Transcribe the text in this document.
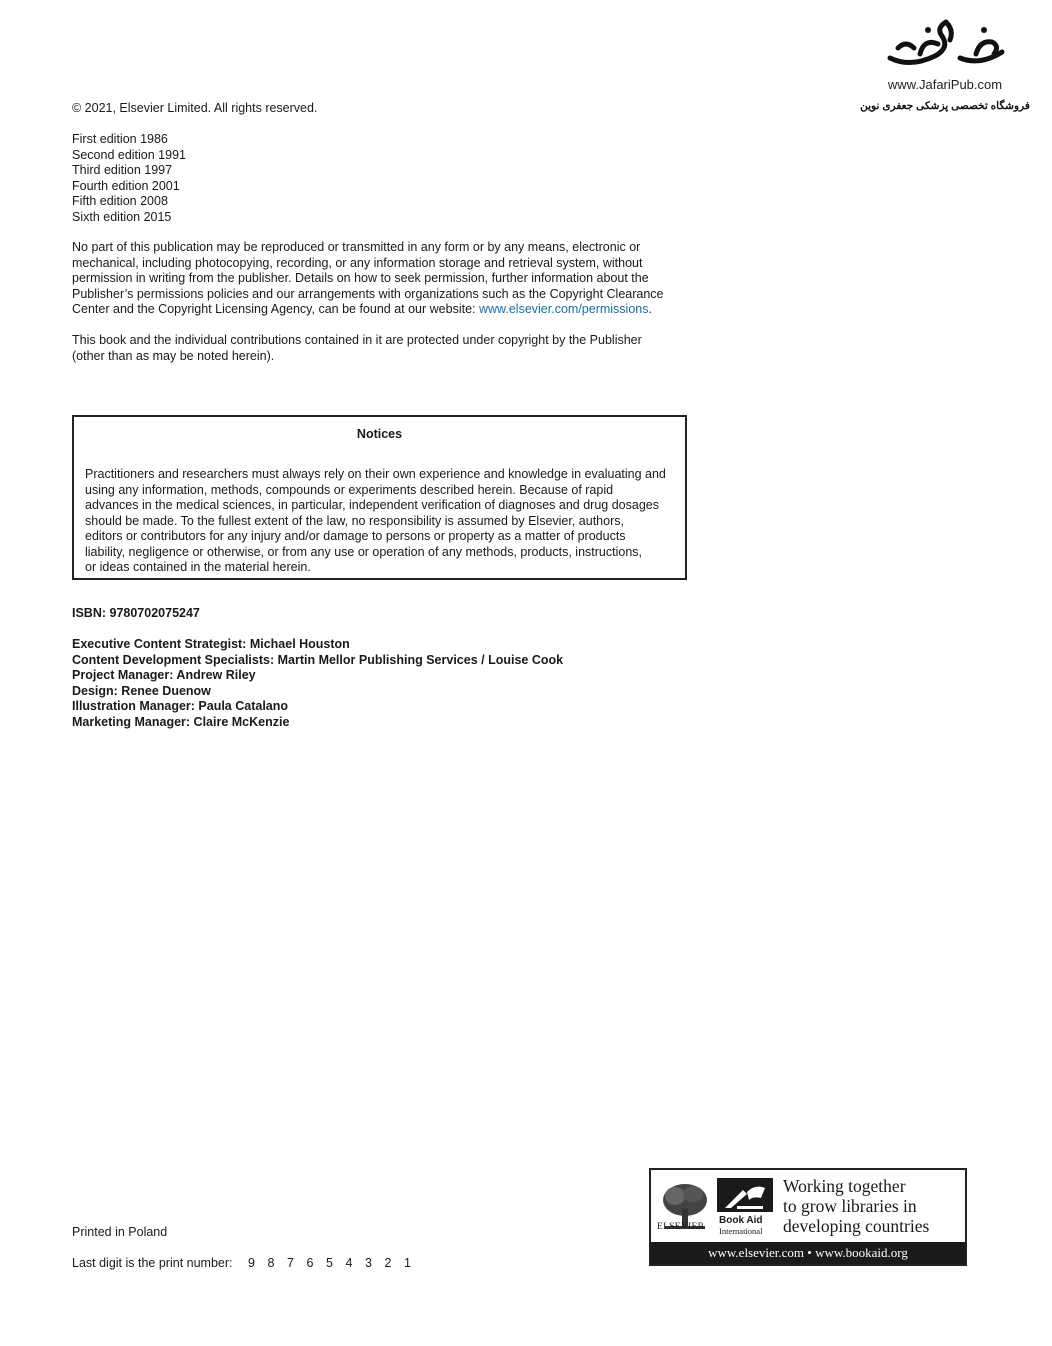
www.JafariPub.com
فروشگاه تخصصی پزشکی جعفری نوین
© 2021, Elsevier Limited. All rights reserved.
First edition 1986
Second edition 1991
Third edition 1997
Fourth edition 2001
Fifth edition 2008
Sixth edition 2015
No part of this publication may be reproduced or transmitted in any form or by any means, electronic or
mechanical, including photocopying, recording, or any information storage and retrieval system, without
permission in writing from the publisher. Details on how to seek permission, further information about the
Publisher’s permissions policies and our arrangements with organizations such as the Copyright Clearance
Center and the Copyright Licensing Agency, can be found at our website: www.elsevier.com/permissions.
This book and the individual contributions contained in it are protected under copyright by the Publisher
(other than as may be noted herein).
Notices
Practitioners and researchers must always rely on their own experience and knowledge in evaluating and
using any information, methods, compounds or experiments described herein. Because of rapid
advances in the medical sciences, in particular, independent verification of diagnoses and drug dosages
should be made. To the fullest extent of the law, no responsibility is assumed by Elsevier, authors,
editors or contributors for any injury and/or damage to persons or property as a matter of products
liability, negligence or otherwise, or from any use or operation of any methods, products, instructions,
or ideas contained in the material herein.
ISBN: 9780702075247
Executive Content Strategist: Michael Houston
Content Development Specialists: Martin Mellor Publishing Services / Louise Cook
Project Manager: Andrew Riley
Design: Renee Duenow
Illustration Manager: Paula Catalano
Marketing Manager: Claire McKenzie
Printed in Poland
Last digit is the print number: 9 8 7 6 5 4 3 2 1
ELSEVIER
Book Aid
International
Working together
to grow libraries in
developing countries
www.elsevier.com • www.bookaid.org
